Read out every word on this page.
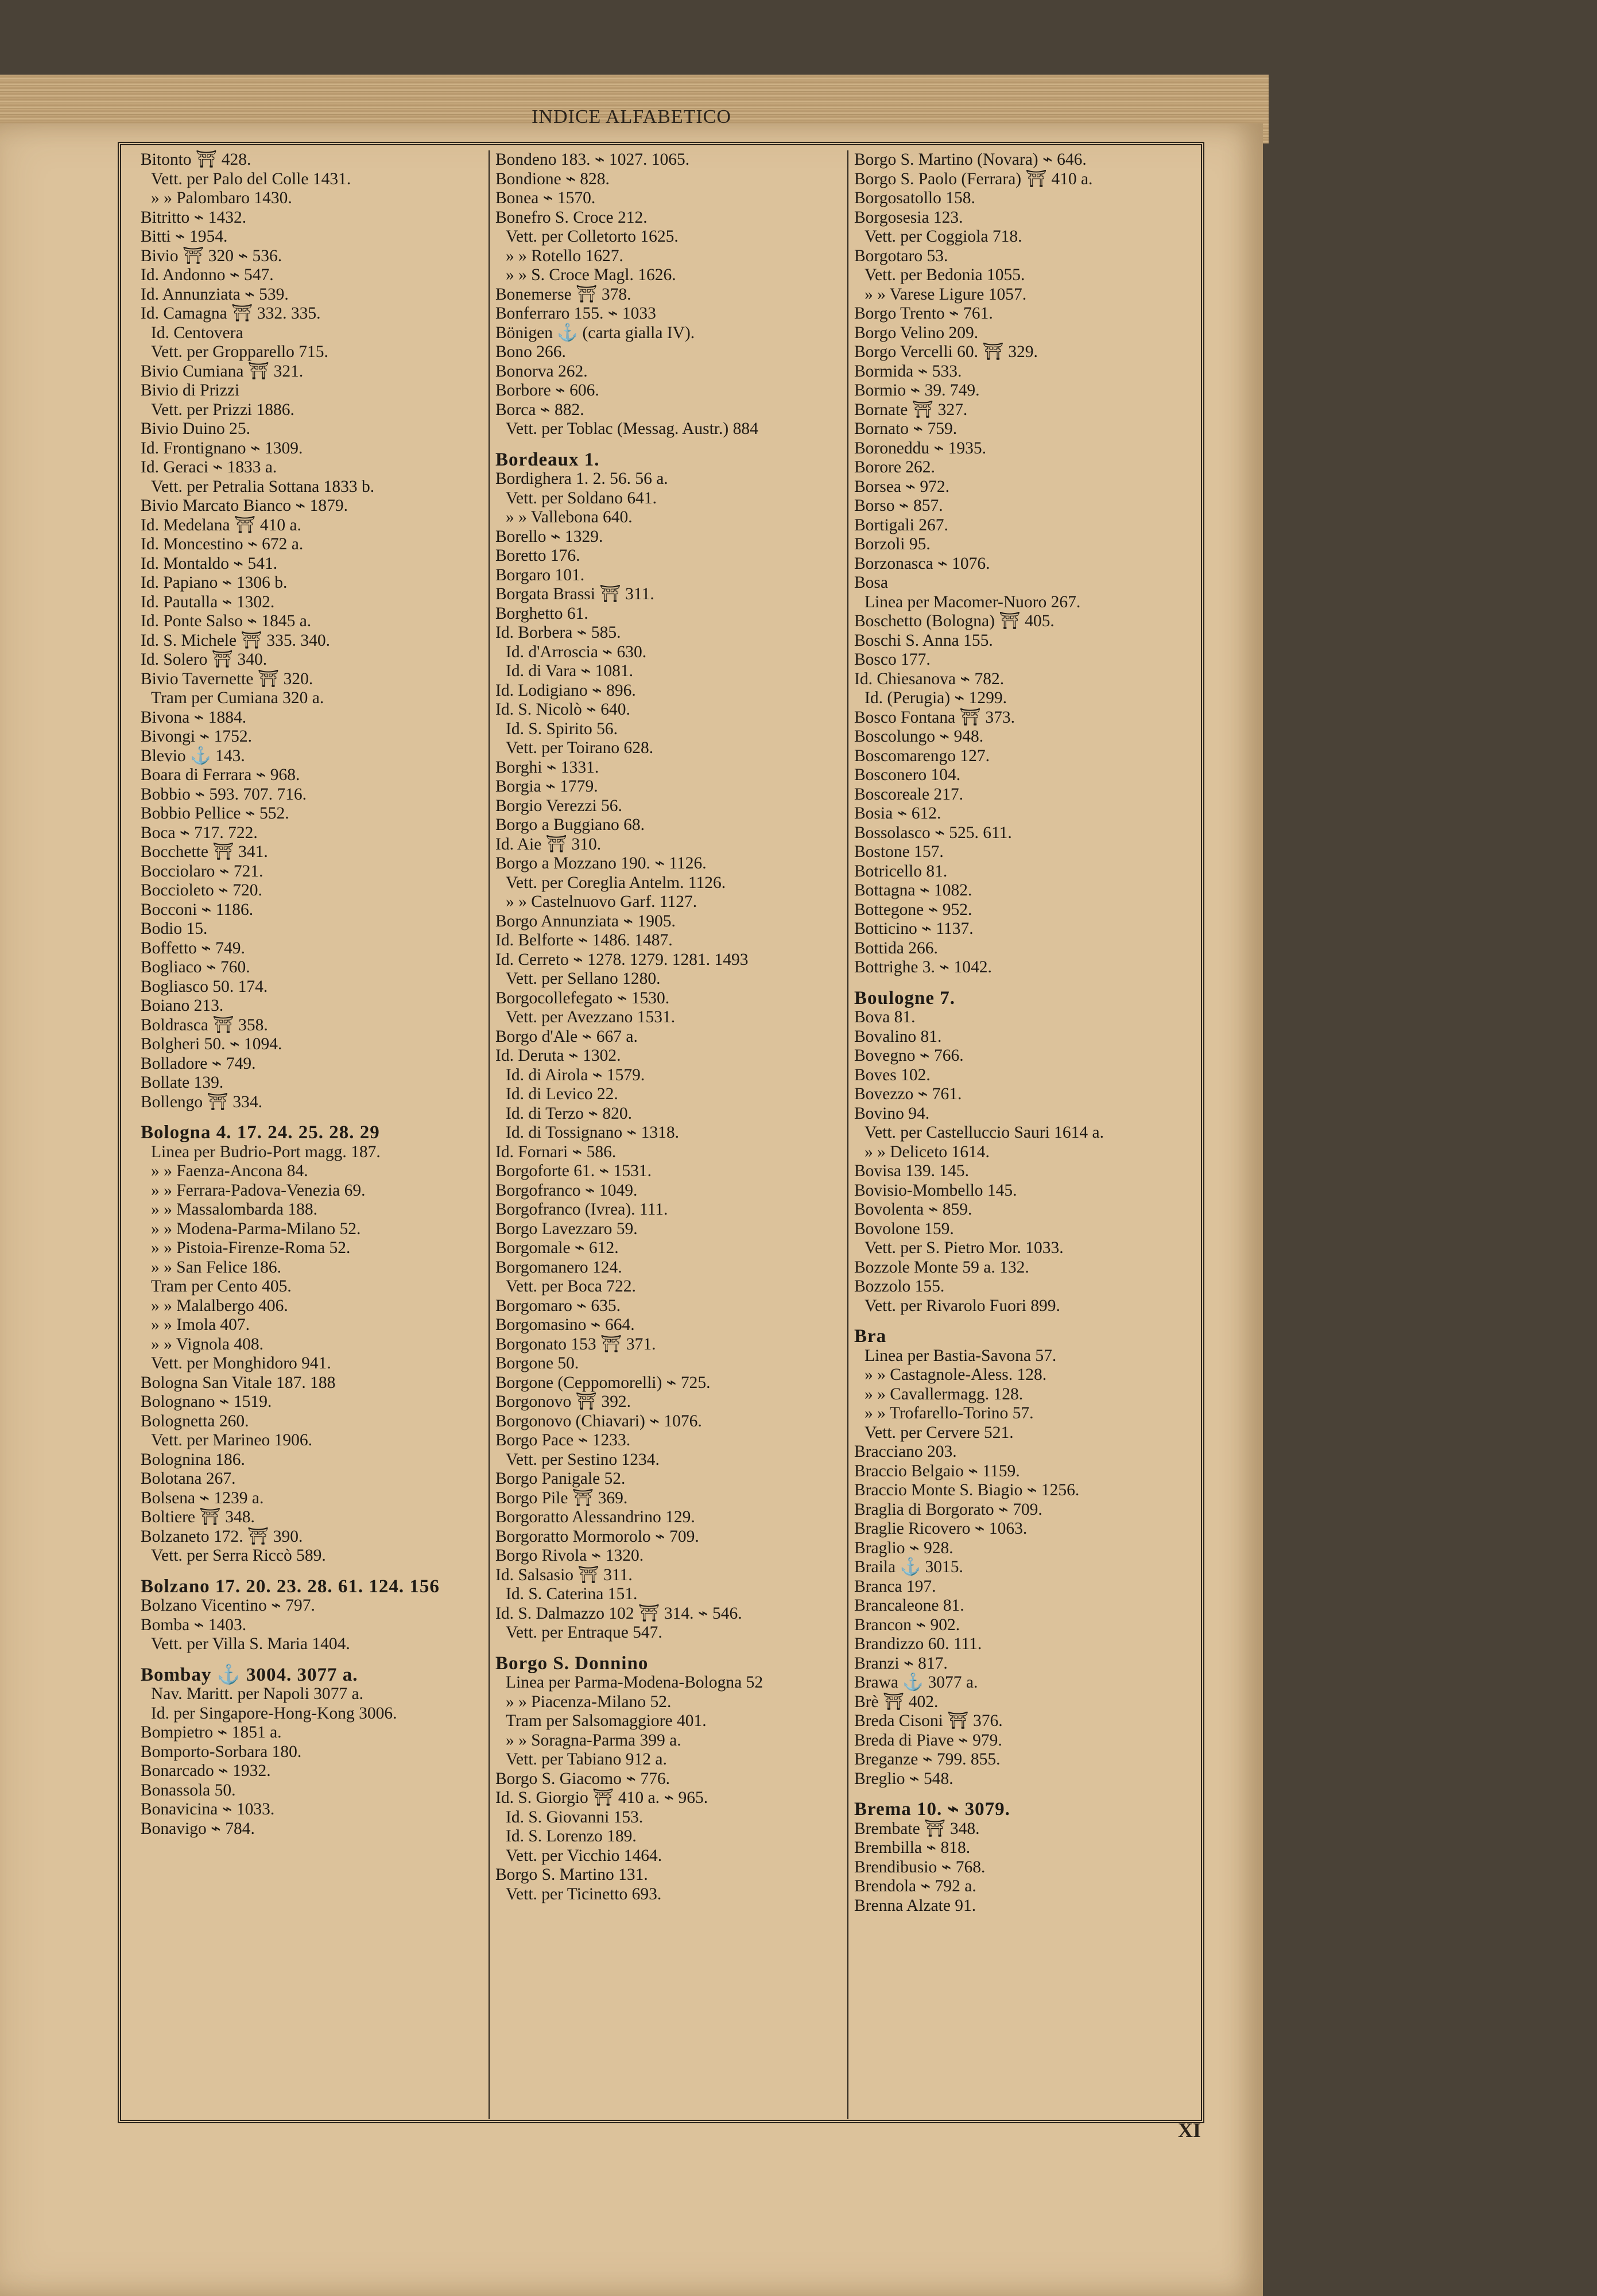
INDICE ALFABETICO
Bitonto ⛩ 428.
Vett. per Palo del Colle 1431.
» » Palombaro 1430.
Bitritto ⌁ 1432.
Bitti ⌁ 1954.
Bivio ⛩ 320 ⌁ 536.
Id. Andonno ⌁ 547.
Id. Annunziata ⌁ 539.
Id. Camagna ⛩ 332. 335.
Id. Centovera
Vett. per Gropparello 715.
Bivio Cumiana ⛩ 321.
Bivio di Prizzi
Vett. per Prizzi 1886.
Bivio Duino 25.
Id. Frontignano ⌁ 1309.
Id. Geraci ⌁ 1833 a.
Vett. per Petralia Sottana 1833 b.
Bivio Marcato Bianco ⌁ 1879.
Id. Medelana ⛩ 410 a.
Id. Moncestino ⌁ 672 a.
Id. Montaldo ⌁ 541.
Id. Papiano ⌁ 1306 b.
Id. Pautalla ⌁ 1302.
Id. Ponte Salso ⌁ 1845 a.
Id. S. Michele ⛩ 335. 340.
Id. Solero ⛩ 340.
Bivio Tavernette ⛩ 320.
Tram per Cumiana 320 a.
Bivona ⌁ 1884.
Bivongi ⌁ 1752.
Blevio ⚓ 143.
Boara di Ferrara ⌁ 968.
Bobbio ⌁ 593. 707. 716.
Bobbio Pellice ⌁ 552.
Boca ⌁ 717. 722.
Bocchette ⛩ 341.
Bocciolaro ⌁ 721.
Boccioleto ⌁ 720.
Bocconi ⌁ 1186.
Bodio 15.
Boffetto ⌁ 749.
Bogliaco ⌁ 760.
Bogliasco 50. 174.
Boiano 213.
Boldrasca ⛩ 358.
Bolgheri 50. ⌁ 1094.
Bolladore ⌁ 749.
Bollate 139.
Bollengo ⛩ 334.
Bologna 4. 17. 24. 25. 28. 29
Linea per Budrio-Port magg. 187.
» » Faenza-Ancona 84.
» » Ferrara-Padova-Venezia 69.
» » Massalombarda 188.
» » Modena-Parma-Milano 52.
» » Pistoia-Firenze-Roma 52.
» » San Felice 186.
Tram per Cento 405.
» » Malalbergo 406.
» » Imola 407.
» » Vignola 408.
Vett. per Monghidoro 941.
Bologna San Vitale 187. 188
Bolognano ⌁ 1519.
Bolognetta 260.
Vett. per Marineo 1906.
Bolognina 186.
Bolotana 267.
Bolsena ⌁ 1239 a.
Boltiere ⛩ 348.
Bolzaneto 172. ⛩ 390.
Vett. per Serra Riccò 589.
Bolzano 17. 20. 23. 28. 61. 124. 156
Bolzano Vicentino ⌁ 797.
Bomba ⌁ 1403.
Vett. per Villa S. Maria 1404.
Bombay ⚓ 3004. 3077 a.
Nav. Maritt. per Napoli 3077 a.
Id. per Singapore-Hong-Kong 3006.
Bompietro ⌁ 1851 a.
Bomporto-Sorbara 180.
Bonarcado ⌁ 1932.
Bonassola 50.
Bonavicina ⌁ 1033.
Bonavigo ⌁ 784.
Bondeno 183. ⌁ 1027. 1065.
Bondione ⌁ 828.
Bonea ⌁ 1570.
Bonefro S. Croce 212.
Vett. per Colletorto 1625.
» » Rotello 1627.
» » S. Croce Magl. 1626.
Bonemerse ⛩ 378.
Bonferraro 155. ⌁ 1033
Bönigen ⚓ (carta gialla IV).
Bono 266.
Bonorva 262.
Borbore ⌁ 606.
Borca ⌁ 882.
Vett. per Toblac (Messag. Austr.) 884
Bordeaux 1.
Bordighera 1. 2. 56. 56 a.
Vett. per Soldano 641.
» » Vallebona 640.
Borello ⌁ 1329.
Boretto 176.
Borgaro 101.
Borgata Brassi ⛩ 311.
Borghetto 61.
Id. Borbera ⌁ 585.
Id. d'Arroscia ⌁ 630.
Id. di Vara ⌁ 1081.
Id. Lodigiano ⌁ 896.
Id. S. Nicolò ⌁ 640.
Id. S. Spirito 56.
Vett. per Toirano 628.
Borghi ⌁ 1331.
Borgia ⌁ 1779.
Borgio Verezzi 56.
Borgo a Buggiano 68.
Id. Aie ⛩ 310.
Borgo a Mozzano 190. ⌁ 1126.
Vett. per Coreglia Antelm. 1126.
» » Castelnuovo Garf. 1127.
Borgo Annunziata ⌁ 1905.
Id. Belforte ⌁ 1486. 1487.
Id. Cerreto ⌁ 1278. 1279. 1281. 1493
Vett. per Sellano 1280.
Borgocollefegato ⌁ 1530.
Vett. per Avezzano 1531.
Borgo d'Ale ⌁ 667 a.
Id. Deruta ⌁ 1302.
Id. di Airola ⌁ 1579.
Id. di Levico 22.
Id. di Terzo ⌁ 820.
Id. di Tossignano ⌁ 1318.
Id. Fornari ⌁ 586.
Borgoforte 61. ⌁ 1531.
Borgofranco ⌁ 1049.
Borgofranco (Ivrea). 111.
Borgo Lavezzaro 59.
Borgomale ⌁ 612.
Borgomanero 124.
Vett. per Boca 722.
Borgomaro ⌁ 635.
Borgomasino ⌁ 664.
Borgonato 153 ⛩ 371.
Borgone 50.
Borgone (Ceppomorelli) ⌁ 725.
Borgonovo ⛩ 392.
Borgonovo (Chiavari) ⌁ 1076.
Borgo Pace ⌁ 1233.
Vett. per Sestino 1234.
Borgo Panigale 52.
Borgo Pile ⛩ 369.
Borgoratto Alessandrino 129.
Borgoratto Mormorolo ⌁ 709.
Borgo Rivola ⌁ 1320.
Id. Salsasio ⛩ 311.
Id. S. Caterina 151.
Id. S. Dalmazzo 102 ⛩ 314. ⌁ 546.
Vett. per Entraque 547.
Borgo S. Donnino
Linea per Parma-Modena-Bologna 52
» » Piacenza-Milano 52.
Tram per Salsomaggiore 401.
» » Soragna-Parma 399 a.
Vett. per Tabiano 912 a.
Borgo S. Giacomo ⌁ 776.
Id. S. Giorgio ⛩ 410 a. ⌁ 965.
Id. S. Giovanni 153.
Id. S. Lorenzo 189.
Vett. per Vicchio 1464.
Borgo S. Martino 131.
Vett. per Ticinetto 693.
Borgo S. Martino (Novara) ⌁ 646.
Borgo S. Paolo (Ferrara) ⛩ 410 a.
Borgosatollo 158.
Borgosesia 123.
Vett. per Coggiola 718.
Borgotaro 53.
Vett. per Bedonia 1055.
» » Varese Ligure 1057.
Borgo Trento ⌁ 761.
Borgo Velino 209.
Borgo Vercelli 60. ⛩ 329.
Bormida ⌁ 533.
Bormio ⌁ 39. 749.
Bornate ⛩ 327.
Bornato ⌁ 759.
Boroneddu ⌁ 1935.
Borore 262.
Borsea ⌁ 972.
Borso ⌁ 857.
Bortigali 267.
Borzoli 95.
Borzonasca ⌁ 1076.
Bosa
Linea per Macomer-Nuoro 267.
Boschetto (Bologna) ⛩ 405.
Boschi S. Anna 155.
Bosco 177.
Id. Chiesanova ⌁ 782.
Id. (Perugia) ⌁ 1299.
Bosco Fontana ⛩ 373.
Boscolungo ⌁ 948.
Boscomarengo 127.
Bosconero 104.
Boscoreale 217.
Bosia ⌁ 612.
Bossolasco ⌁ 525. 611.
Bostone 157.
Botricello 81.
Bottagna ⌁ 1082.
Bottegone ⌁ 952.
Botticino ⌁ 1137.
Bottida 266.
Bottrighe 3. ⌁ 1042.
Boulogne 7.
Bova 81.
Bovalino 81.
Bovegno ⌁ 766.
Boves 102.
Bovezzo ⌁ 761.
Bovino 94.
Vett. per Castelluccio Sauri 1614 a.
» » Deliceto 1614.
Bovisa 139. 145.
Bovisio-Mombello 145.
Bovolenta ⌁ 859.
Bovolone 159.
Vett. per S. Pietro Mor. 1033.
Bozzole Monte 59 a. 132.
Bozzolo 155.
Vett. per Rivarolo Fuori 899.
Bra
Linea per Bastia-Savona 57.
» » Castagnole-Aless. 128.
» » Cavallermagg. 128.
» » Trofarello-Torino 57.
Vett. per Cervere 521.
Bracciano 203.
Braccio Belgaio ⌁ 1159.
Braccio Monte S. Biagio ⌁ 1256.
Braglia di Borgorato ⌁ 709.
Braglie Ricovero ⌁ 1063.
Braglio ⌁ 928.
Braila ⚓ 3015.
Branca 197.
Brancaleone 81.
Brancon ⌁ 902.
Brandizzo 60. 111.
Branzi ⌁ 817.
Brawa ⚓ 3077 a.
Brè ⛩ 402.
Breda Cisoni ⛩ 376.
Breda di Piave ⌁ 979.
Breganze ⌁ 799. 855.
Breglio ⌁ 548.
Brema 10. ⌁ 3079.
Brembate ⛩ 348.
Brembilla ⌁ 818.
Brendibusio ⌁ 768.
Brendola ⌁ 792 a.
Brenna Alzate 91.
XI
